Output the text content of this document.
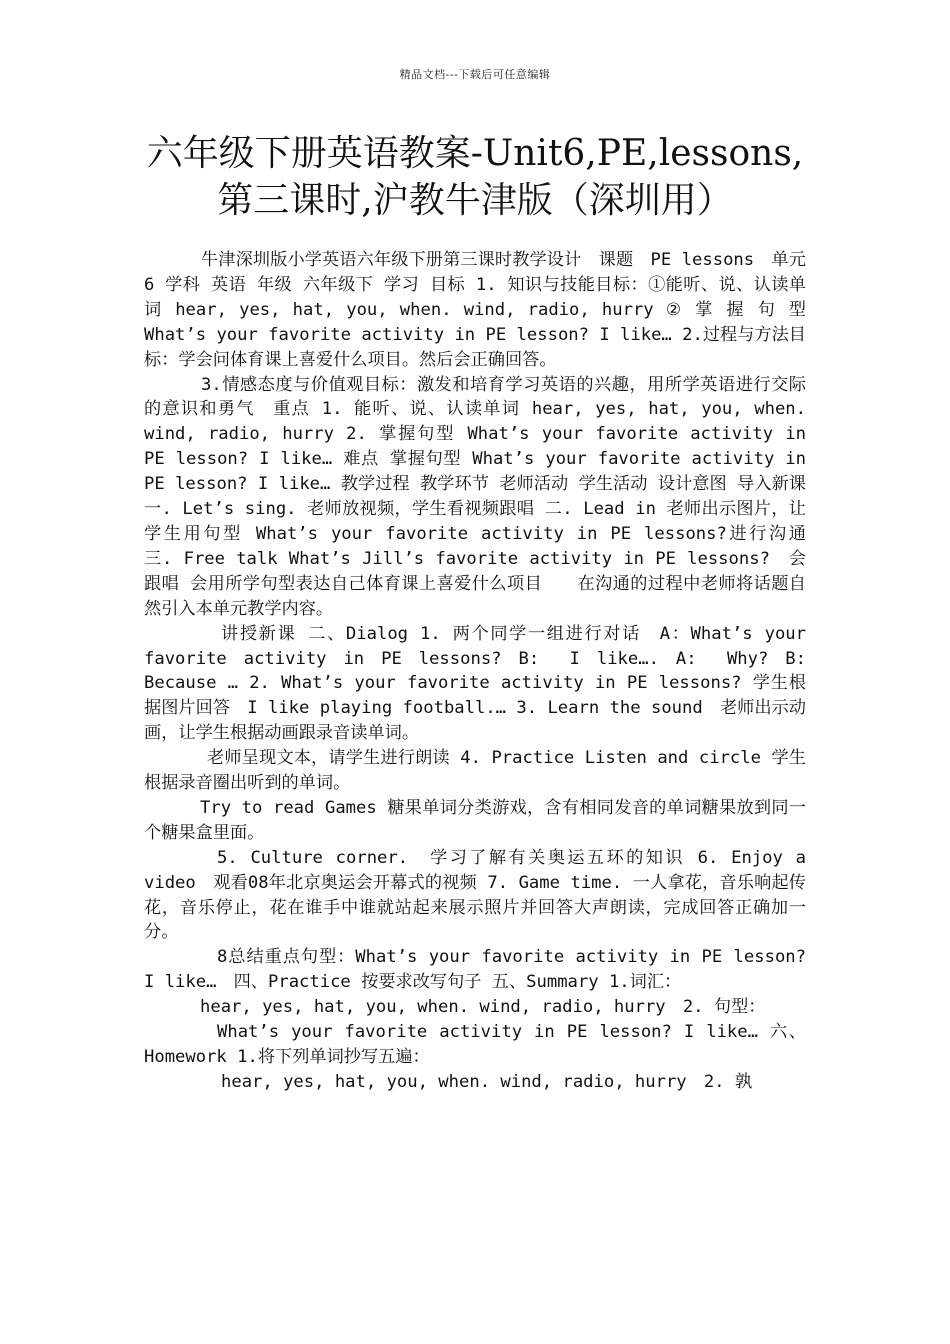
精品文档---下载后可任意编辑
六年级下册英语教案-Unit6,PE,lessons,
第三课时,沪教牛津版（深圳用）

牛津深圳版小学英语六年级下册第三课时教学设计　课题　PE lessons　单元 6 学科 英语 年级 六年级下 学习 目标 1. 知识与技能目标：①能听、说、认读单词 hear, yes, hat, you, when. wind, radio, hurry ② 掌 握 句 型 What’s your favorite activity in PE lesson? I like… 2.过程与方法目标：学会问体育课上喜爱什么项目。然后会正确回答。

3.情感态度与价值观目标：激发和培育学习英语的兴趣，用所学英语进行交际的意识和勇气　重点 1. 能听、说、认读单词 hear, yes, hat, you, when. wind, radio, hurry 2. 掌握句型 What’s your favorite activity in PE lesson? I like… 难点 掌握句型 What’s your favorite activity in PE lesson? I like… 教学过程 教学环节 老师活动 学生活动 设计意图 导入新课 一. Let’s sing. 老师放视频，学生看视频跟唱 二. Lead in 老师出示图片，让学生用句型 What’s your favorite activity in PE lessons?进行沟通　三. Free talk What’s Jill’s favorite activity in PE lessons?　会跟唱 会用所学句型表达自己体育课上喜爱什么项目　　在沟通的过程中老师将话题自然引入本单元教学内容。

讲授新课 二、Dialog 1. 两个同学一组进行对话　A：What’s your favorite activity in PE lessons? B:　I like…. A:　Why? B:　Because … 2. What’s your favorite activity in PE lessons? 学生根据图片回答　I like playing football.… 3. Learn the sound　老师出示动画，让学生根据动画跟录音读单词。

老师呈现文本，请学生进行朗读 4. Practice Listen and circle 学生根据录音圈出听到的单词。

Try to read Games 糖果单词分类游戏，含有相同发音的单词糖果放到同一个糖果盒里面。

5. Culture corner.　学习了解有关奥运五环的知识 6. Enjoy a video　观看08年北京奥运会开幕式的视频 7. Game time. 一人拿花，音乐响起传花，音乐停止，花在谁手中谁就站起来展示照片并回答大声朗读，完成回答正确加一分。

8总结重点句型：What’s your favorite activity in PE lesson? I like…　四、Practice 按要求改写句子 五、Summary 1.词汇：

hear, yes, hat, you, when. wind, radio, hurry　2. 句型：

What’s your favorite activity in PE lesson? I like… 六、Homework 1.将下列单词抄写五遍：

hear, yes, hat, you, when. wind, radio, hurry　2. 孰
